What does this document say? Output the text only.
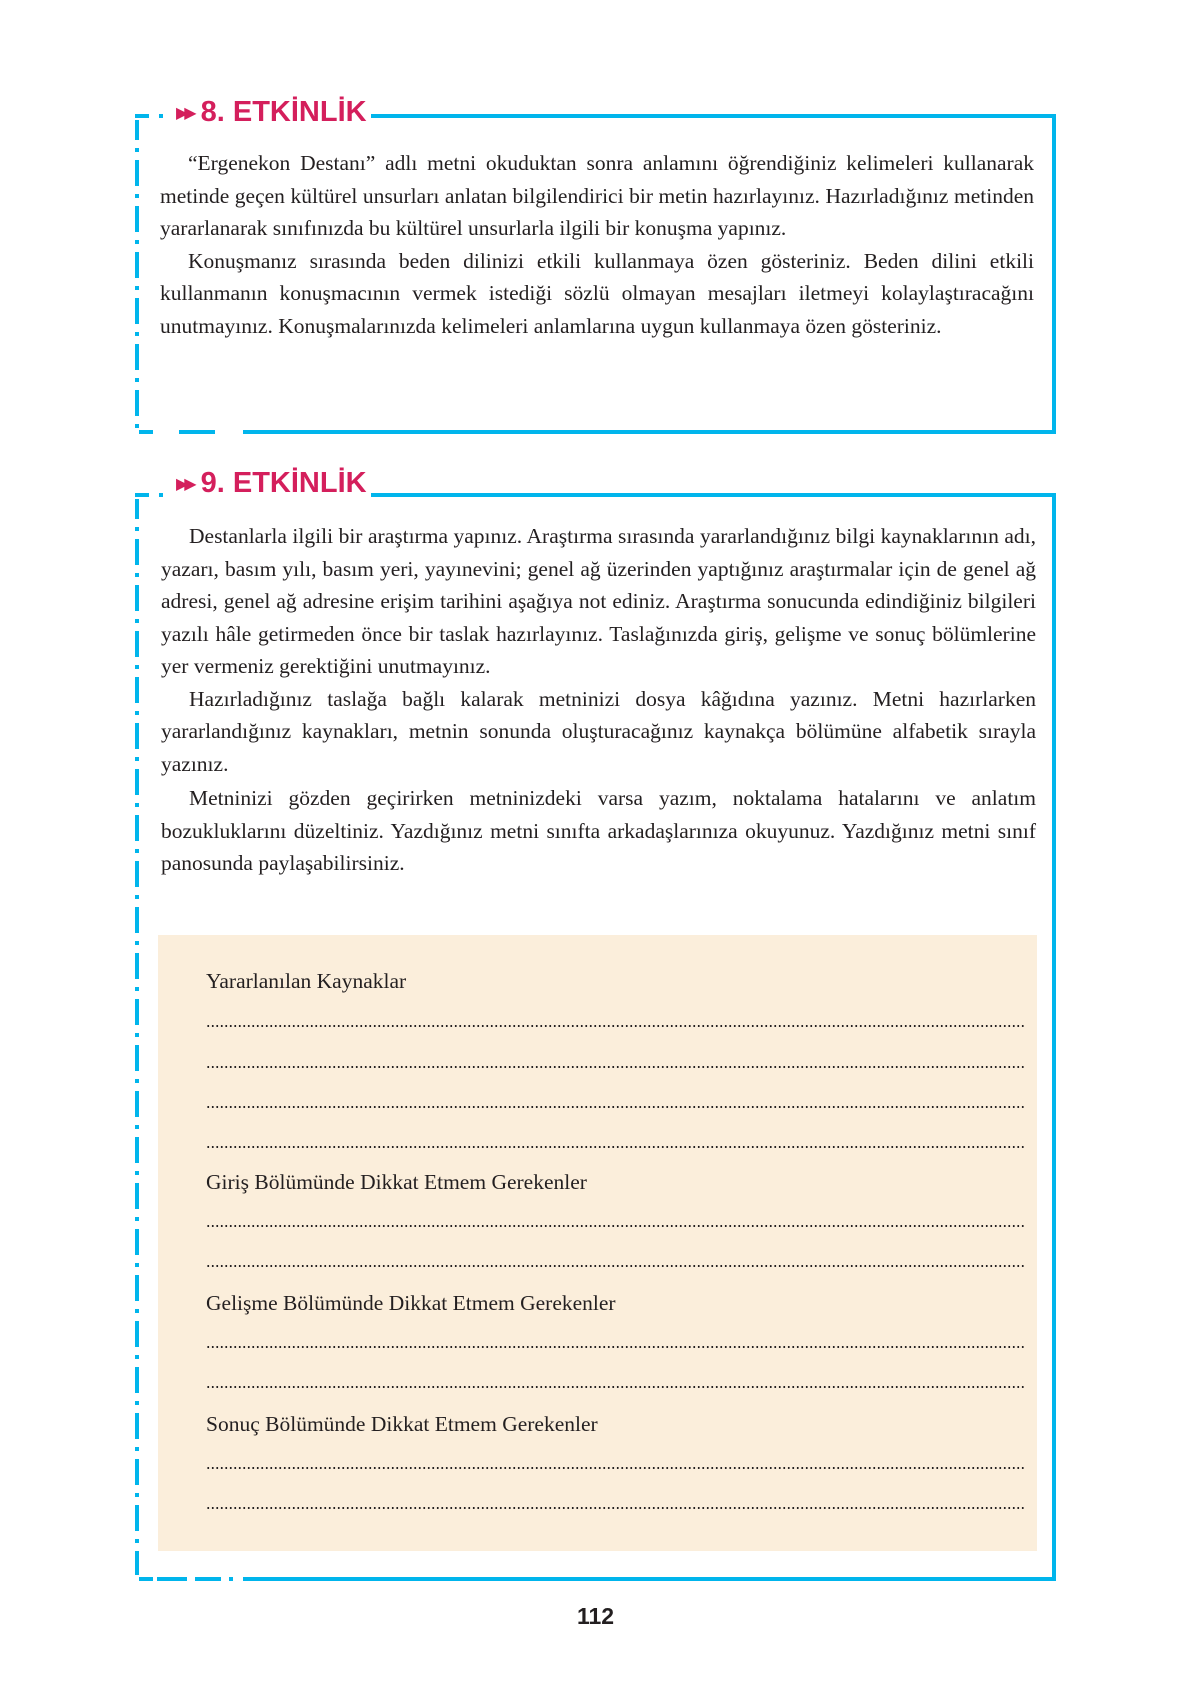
▶▶ 8. ETKİNLİK

“Ergenekon Destanı” adlı metni okuduktan sonra anlamını öğrendiğiniz kelimeleri kullanarak metinde geçen kültürel unsurları anlatan bilgilendirici bir metin hazırlayınız. Hazırladığınız metinden yararlanarak sınıfınızda bu kültürel unsurlarla ilgili bir konuşma yapınız.

Konuşmanız sırasında beden dilinizi etkili kullanmaya özen gösteriniz. Beden dilini etkili kullanmanın konuşmacının vermek istediği sözlü olmayan mesajları iletmeyi kolaylaştıracağını unutmayınız. Konuşmalarınızda kelimeleri anlamlarına uygun kullanmaya özen gösteriniz.

▶▶ 9. ETKİNLİK

Destanlarla ilgili bir araştırma yapınız. Araştırma sırasında yararlandığınız bilgi kaynaklarının adı, yazarı, basım yılı, basım yeri, yayınevini; genel ağ üzerinden yaptığınız araştırmalar için de genel ağ adresi, genel ağ adresine erişim tarihini aşağıya not ediniz. Araştırma sonucunda edindiğiniz bilgileri yazılı hâle getirmeden önce bir taslak hazırlayınız. Taslağınızda giriş, gelişme ve sonuç bölümlerine yer vermeniz gerektiğini unutmayınız.

Hazırladığınız taslağa bağlı kalarak metninizi dosya kâğıdına yazınız. Metni hazırlarken yararlandığınız kaynakları, metnin sonunda oluşturacağınız kaynakça bölümüne alfabetik sırayla yazınız.

Metninizi gözden geçirirken metninizdeki varsa yazım, noktalama hatalarını ve anlatım bozukluklarını düzeltiniz. Yazdığınız metni sınıfta arkadaşlarınıza okuyunuz. Yazdığınız metni sınıf panosunda paylaşabilirsiniz.

Yararlanılan Kaynaklar
Giriş Bölümünde Dikkat Etmem Gerekenler
Gelişme Bölümünde Dikkat Etmem Gerekenler
Sonuç Bölümünde Dikkat Etmem Gerekenler
112
